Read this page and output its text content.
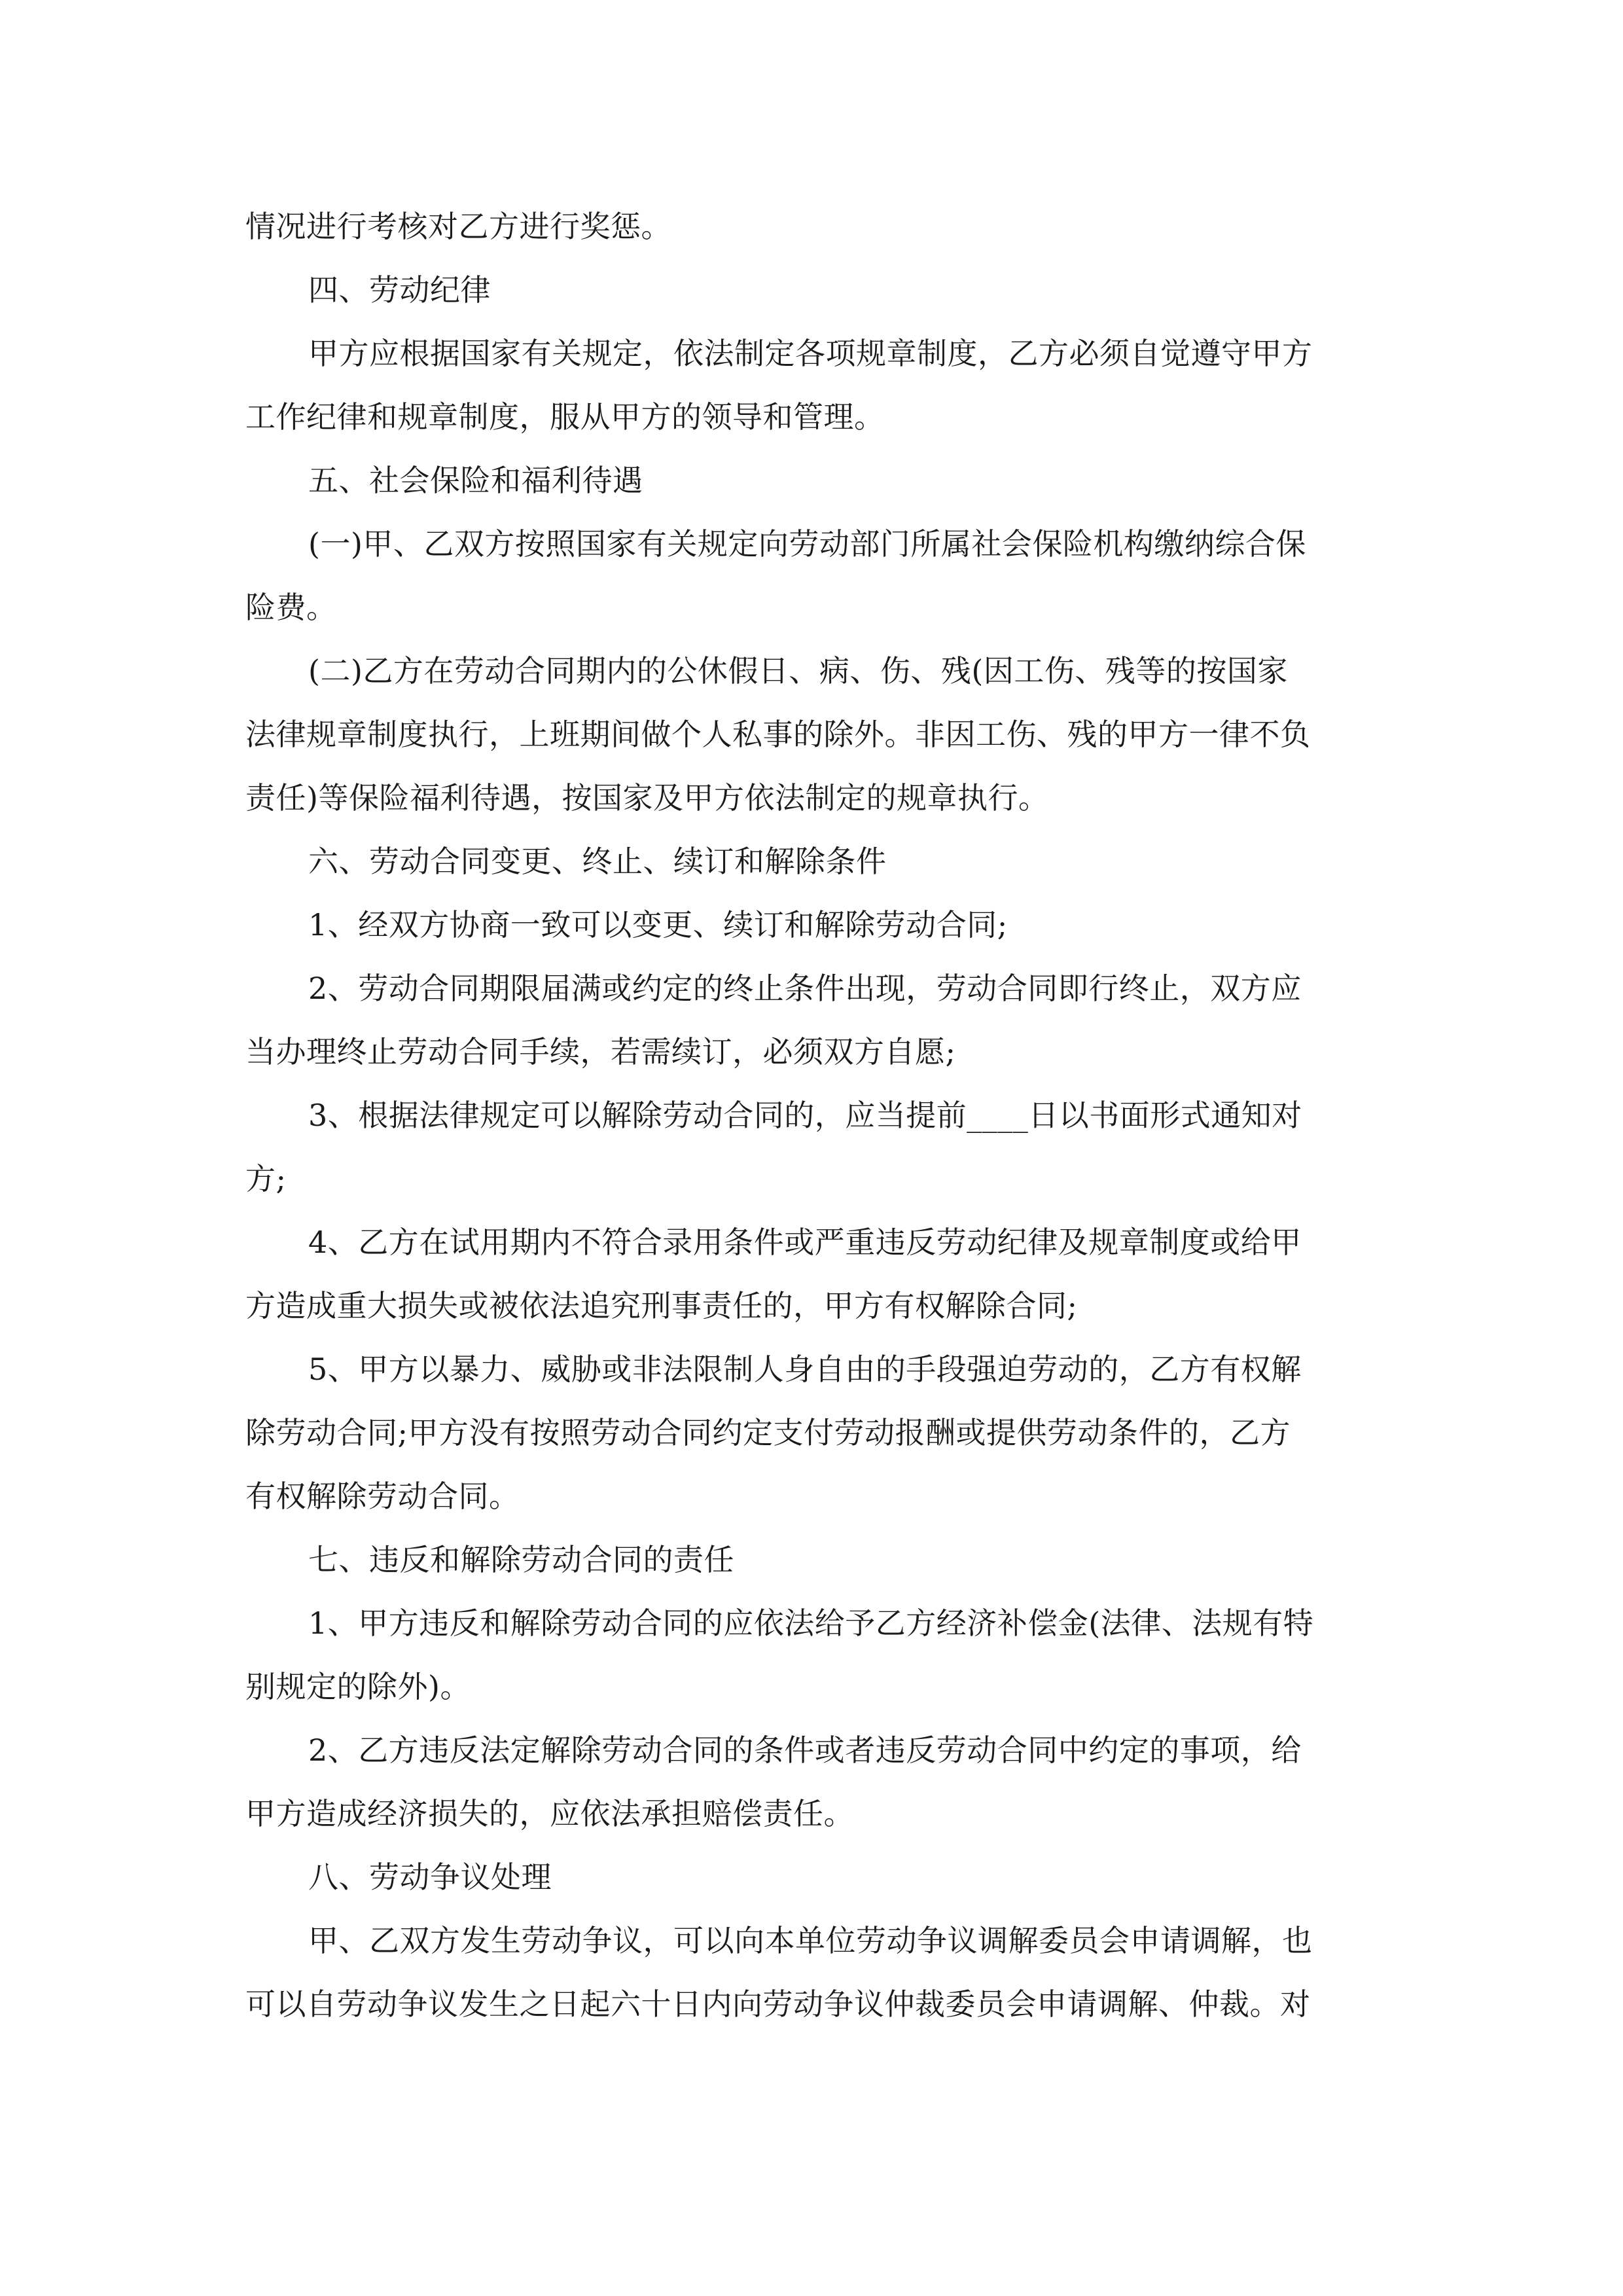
情况进行考核对乙方进行奖惩。
四、劳动纪律
甲方应根据国家有关规定，依法制定各项规章制度，乙方必须自觉遵守甲方
工作纪律和规章制度，服从甲方的领导和管理。
五、社会保险和福利待遇
(一)甲、乙双方按照国家有关规定向劳动部门所属社会保险机构缴纳综合保
险费。
(二)乙方在劳动合同期内的公休假日、病、伤、残(因工伤、残等的按国家
法律规章制度执行，上班期间做个人私事的除外。非因工伤、残的甲方一律不负
责任)等保险福利待遇，按国家及甲方依法制定的规章执行。
六、劳动合同变更、终止、续订和解除条件
1、经双方协商一致可以变更、续订和解除劳动合同;
2、劳动合同期限届满或约定的终止条件出现，劳动合同即行终止，双方应
当办理终止劳动合同手续，若需续订，必须双方自愿;
3、根据法律规定可以解除劳动合同的，应当提前____日以书面形式通知对
方;
4、乙方在试用期内不符合录用条件或严重违反劳动纪律及规章制度或给甲
方造成重大损失或被依法追究刑事责任的，甲方有权解除合同;
5、甲方以暴力、威胁或非法限制人身自由的手段强迫劳动的，乙方有权解
除劳动合同;甲方没有按照劳动合同约定支付劳动报酬或提供劳动条件的，乙方
有权解除劳动合同。
七、违反和解除劳动合同的责任
1、甲方违反和解除劳动合同的应依法给予乙方经济补偿金(法律、法规有特
别规定的除外)。
2、乙方违反法定解除劳动合同的条件或者违反劳动合同中约定的事项，给
甲方造成经济损失的，应依法承担赔偿责任。
八、劳动争议处理
甲、乙双方发生劳动争议，可以向本单位劳动争议调解委员会申请调解，也
可以自劳动争议发生之日起六十日内向劳动争议仲裁委员会申请调解、仲裁。对
